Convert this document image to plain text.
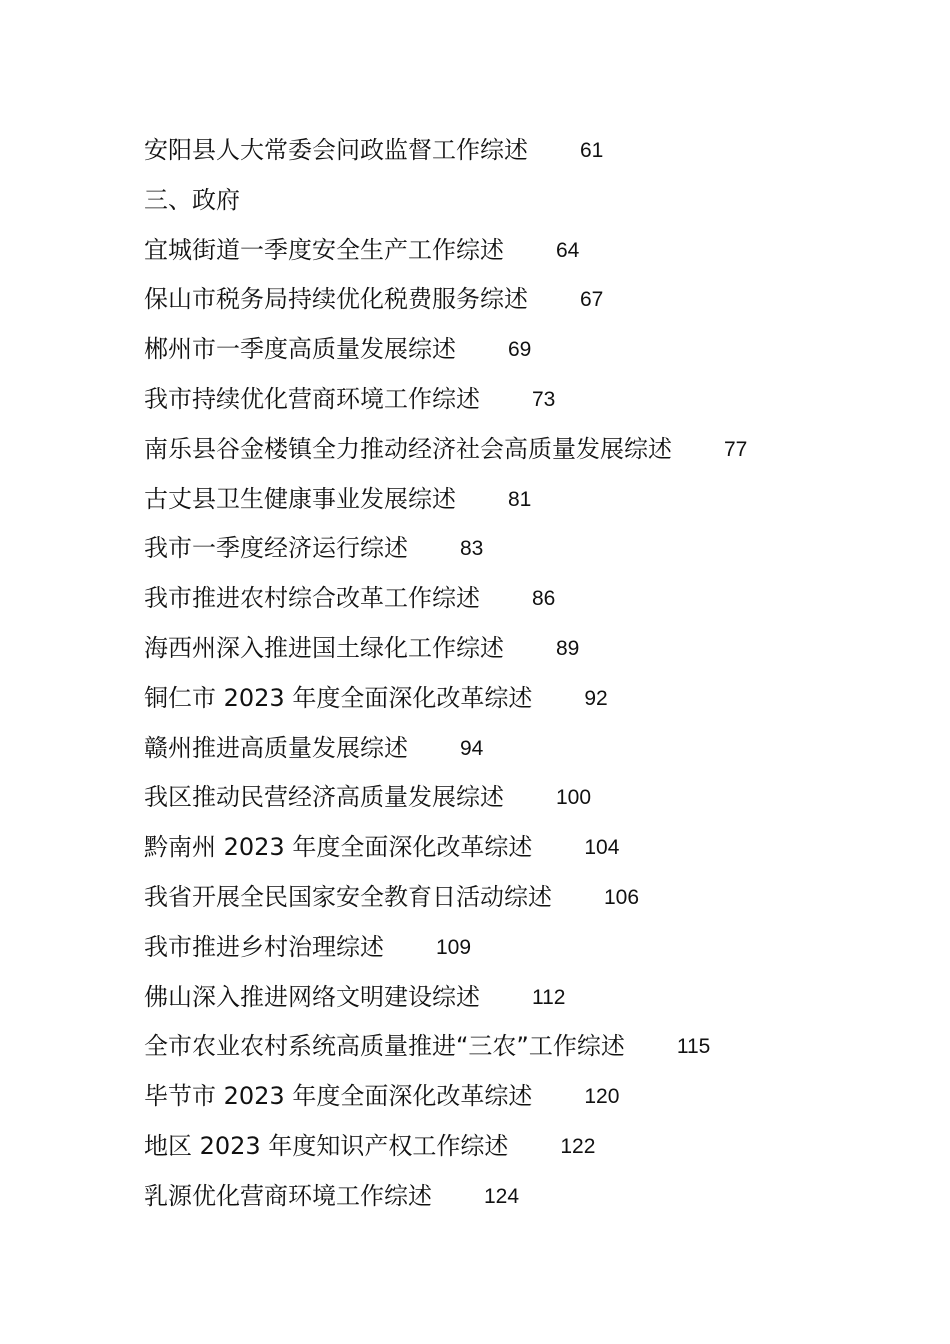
安阳县人大常委会问政监督工作综述 61
三、政府
宜城街道一季度安全生产工作综述 64
保山市税务局持续优化税费服务综述 67
郴州市一季度高质量发展综述 69
我市持续优化营商环境工作综述 73
南乐县谷金楼镇全力推动经济社会高质量发展综述 77
古丈县卫生健康事业发展综述 81
我市一季度经济运行综述 83
我市推进农村综合改革工作综述 86
海西州深入推进国土绿化工作综述 89
铜仁市 2023 年度全面深化改革综述 92
赣州推进高质量发展综述 94
我区推动民营经济高质量发展综述 100
黔南州 2023 年度全面深化改革综述 104
我省开展全民国家安全教育日活动综述 106
我市推进乡村治理综述 109
佛山深入推进网络文明建设综述 112
全市农业农村系统高质量推进“三农”工作综述 115
毕节市 2023 年度全面深化改革综述 120
地区 2023 年度知识产权工作综述 122
乳源优化营商环境工作综述 124
